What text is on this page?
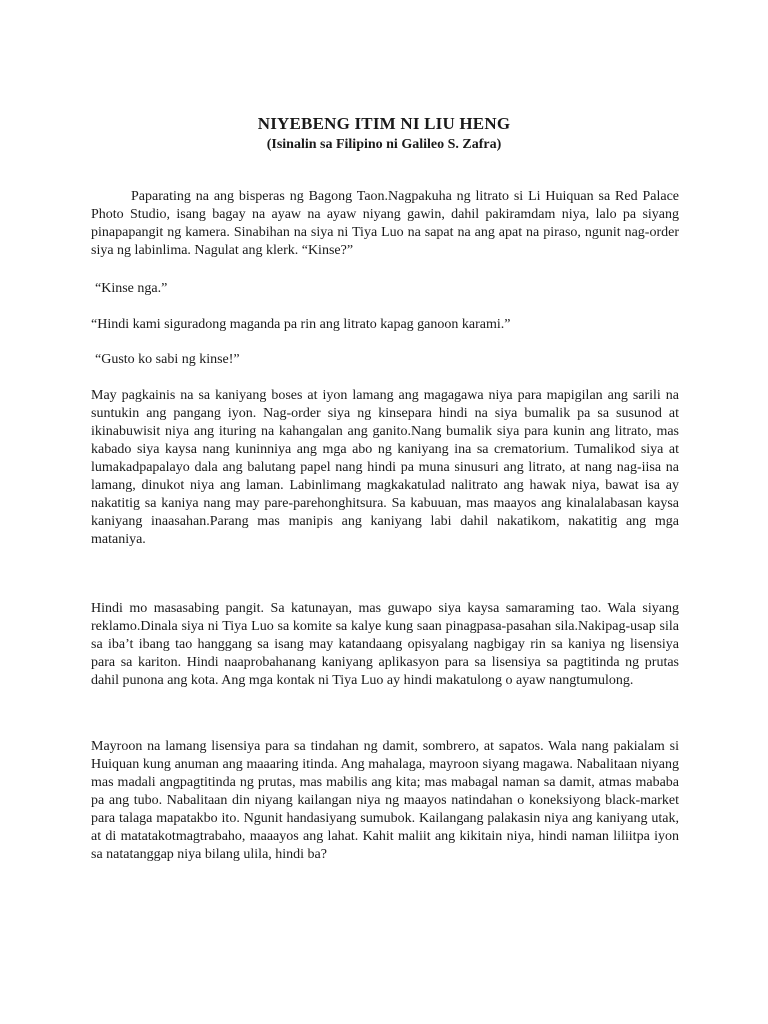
NIYEBENG ITIM NI LIU HENG
(Isinalin sa Filipino ni Galileo S. Zafra)

Paparating na ang bisperas ng Bagong Taon.Nagpakuha ng litrato si Li Huiquan sa Red Palace Photo Studio, isang bagay na ayaw na ayaw niyang gawin, dahil pakiramdam niya, lalo pa siyang pinapapangit ng kamera. Sinabihan na siya ni Tiya Luo na sapat na ang apat na piraso, ngunit nag-order siya ng labinlima. Nagulat ang klerk. “Kinse?”

“Kinse nga.”

“Hindi kami siguradong maganda pa rin ang litrato kapag ganoon karami.”

“Gusto ko sabi ng kinse!”

May pagkainis na sa kaniyang boses at iyon lamang ang magagawa niya para mapigilan ang sarili na suntukin ang pangang iyon. Nag-order siya ng kinsepara hindi na siya bumalik pa sa susunod at ikinabuwisit niya ang ituring na kahangalan ang ganito.Nang bumalik siya para kunin ang litrato, mas kabado siya kaysa nang kuninniya ang mga abo ng kaniyang ina sa crematorium. Tumalikod siya at lumakadpapalayo dala ang balutang papel nang hindi pa muna sinusuri ang litrato, at nang nag-iisa na lamang, dinukot niya ang laman. Labinlimang magkakatulad nalitrato ang hawak niya, bawat isa ay nakatitig sa kaniya nang may pare-parehonghitsura. Sa kabuuan, mas maayos ang kinalalabasan kaysa kaniyang inaasahan.Parang mas manipis ang kaniyang labi dahil nakatikom, nakatitig ang mga mataniya.

Hindi mo masasabing pangit. Sa katunayan, mas guwapo siya kaysa samaraming tao. Wala siyang reklamo.Dinala siya ni Tiya Luo sa komite sa kalye kung saan pinagpasa-pasahan sila.Nakipag-usap sila sa iba’t ibang tao hanggang sa isang may katandaang opisyalang nagbigay rin sa kaniya ng lisensiya para sa kariton. Hindi naaprobahanang kaniyang aplikasyon para sa lisensiya sa pagtitinda ng prutas dahil punona ang kota. Ang mga kontak ni Tiya Luo ay hindi makatulong o ayaw nangtumulong.

Mayroon na lamang lisensiya para sa tindahan ng damit, sombrero, at sapatos. Wala nang pakialam si Huiquan kung anuman ang maaaring itinda. Ang mahalaga, mayroon siyang magawa. Nabalitaan niyang mas madali angpagtitinda ng prutas, mas mabilis ang kita; mas mabagal naman sa damit, atmas mababa pa ang tubo. Nabalitaan din niyang kailangan niya ng maayos natindahan o koneksiyong black-market para talaga mapatakbo ito. Ngunit handasiyang sumubok. Kailangang palakasin niya ang kaniyang utak, at di matatakotmagtrabaho, maaayos ang lahat. Kahit maliit ang kikitain niya, hindi naman liliitpa iyon sa natatanggap niya bilang ulila, hindi ba?
